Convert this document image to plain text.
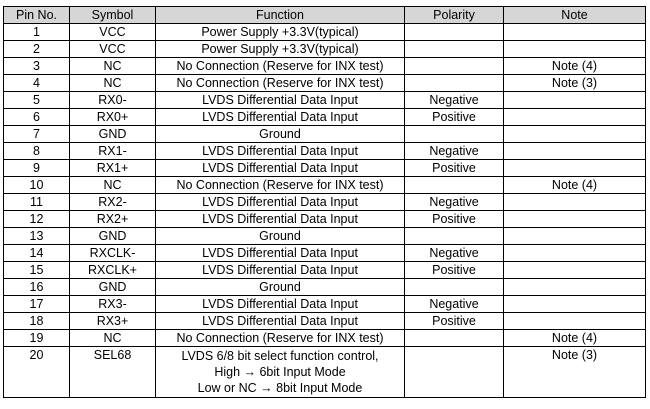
Pin No.	Symbol	Function	Polarity	Note
1	VCC	Power Supply +3.3V(typical)		

2	VCC	Power Supply +3.3V(typical)		

3	NC	No Connection (Reserve for INX test)		Note (4)
4	NC	No Connection (Reserve for INX test)		Note (3)
5	RX0-	LVDS Differential Data Input	Negative	
6	RX0+	LVDS Differential Data Input	Positive	
7	GND	Ground		

8	RX1-	LVDS Differential Data Input	Negative	
9	RX1+	LVDS Differential Data Input	Positive	
10	NC	No Connection (Reserve for INX test)		Note (4)
11	RX2-	LVDS Differential Data Input	Negative	
12	RX2+	LVDS Differential Data Input	Positive	
13	GND	Ground		

14	RXCLK-	LVDS Differential Data Input	Negative	
15	RXCLK+	LVDS Differential Data Input	Positive	
16	GND	Ground		

17	RX3-	LVDS Differential Data Input	Negative	
18	RX3+	LVDS Differential Data Input	Positive	
19	NC	No Connection (Reserve for INX test)		Note (4)
20	SEL68	LVDS 6/8 bit select function control,
High → 6bit Input Mode
Low or NC → 8bit Input Mode		Note (3)
